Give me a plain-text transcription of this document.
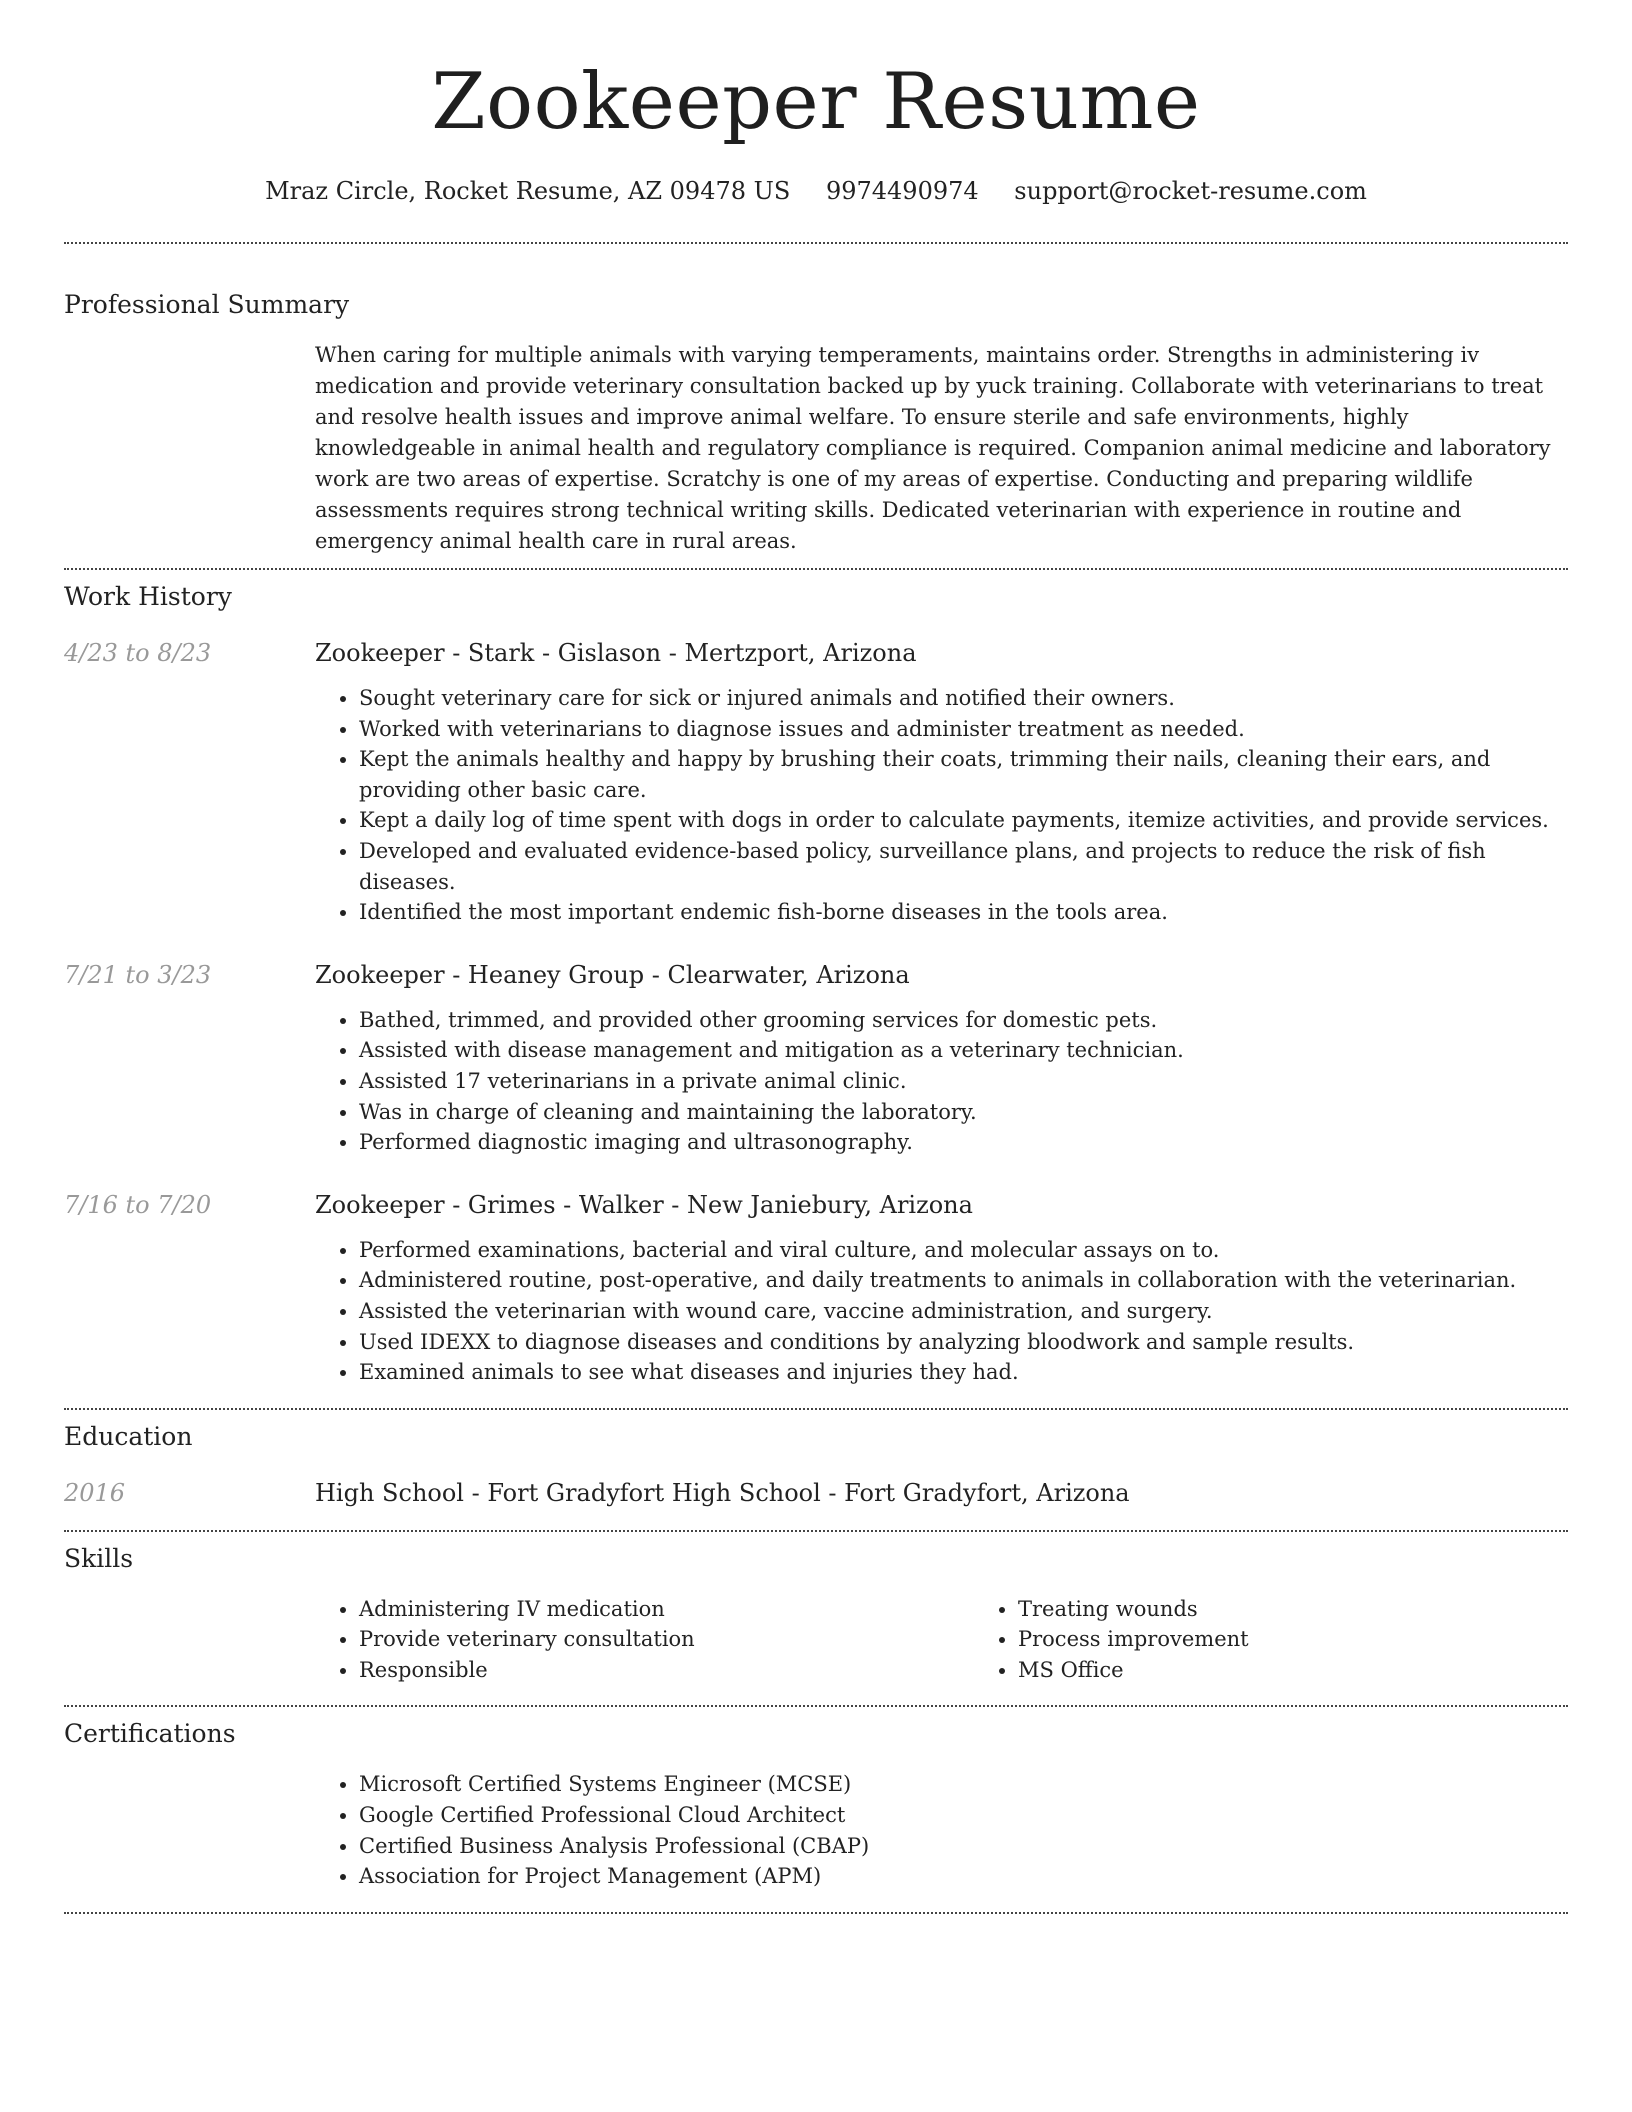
Zookeeper Resume
Mraz Circle, Rocket Resume, AZ 09478 US 9974490974 support@rocket-resume.com
Professional Summary

When caring for multiple animals with varying temperaments, maintains order. Strengths in administering iv medication and provide veterinary consultation backed up by yuck training. Collaborate with veterinarians to treat and resolve health issues and improve animal welfare. To ensure sterile and safe environments, highly knowledgeable in animal health and regulatory compliance is required. Companion animal medicine and laboratory work are two areas of expertise. Scratchy is one of my areas of expertise. Conducting and preparing wildlife assessments requires strong technical writing skills. Dedicated veterinarian with experience in routine and emergency animal health care in rural areas.

Work History
4/23 to 8/23	Zookeeper - Stark - Gislason - Mertzport, Arizona
• Sought veterinary care for sick or injured animals and notified their owners.
• Worked with veterinarians to diagnose issues and administer treatment as needed.
• Kept the animals healthy and happy by brushing their coats, trimming their nails, cleaning their ears, and providing other basic care.
• Kept a daily log of time spent with dogs in order to calculate payments, itemize activities, and provide services.
• Developed and evaluated evidence-based policy, surveillance plans, and projects to reduce the risk of fish diseases.
• Identified the most important endemic fish-borne diseases in the tools area.
7/21 to 3/23	Zookeeper - Heaney Group - Clearwater, Arizona
• Bathed, trimmed, and provided other grooming services for domestic pets.
• Assisted with disease management and mitigation as a veterinary technician.
• Assisted 17 veterinarians in a private animal clinic.
• Was in charge of cleaning and maintaining the laboratory.
• Performed diagnostic imaging and ultrasonography.
7/16 to 7/20	Zookeeper - Grimes - Walker - New Janiebury, Arizona
• Performed examinations, bacterial and viral culture, and molecular assays on to.
• Administered routine, post-operative, and daily treatments to animals in collaboration with the veterinarian.
• Assisted the veterinarian with wound care, vaccine administration, and surgery.
• Used IDEXX to diagnose diseases and conditions by analyzing bloodwork and sample results.
• Examined animals to see what diseases and injuries they had.
Education
2016	High School - Fort Gradyfort High School - Fort Gradyfort, Arizona
Skills
• Administering IV medication
• Provide veterinary consultation
• Responsible
• Treating wounds
• Process improvement
• MS Office
Certifications
• Microsoft Certified Systems Engineer (MCSE)
• Google Certified Professional Cloud Architect
• Certified Business Analysis Professional (CBAP)
• Association for Project Management (APM)
